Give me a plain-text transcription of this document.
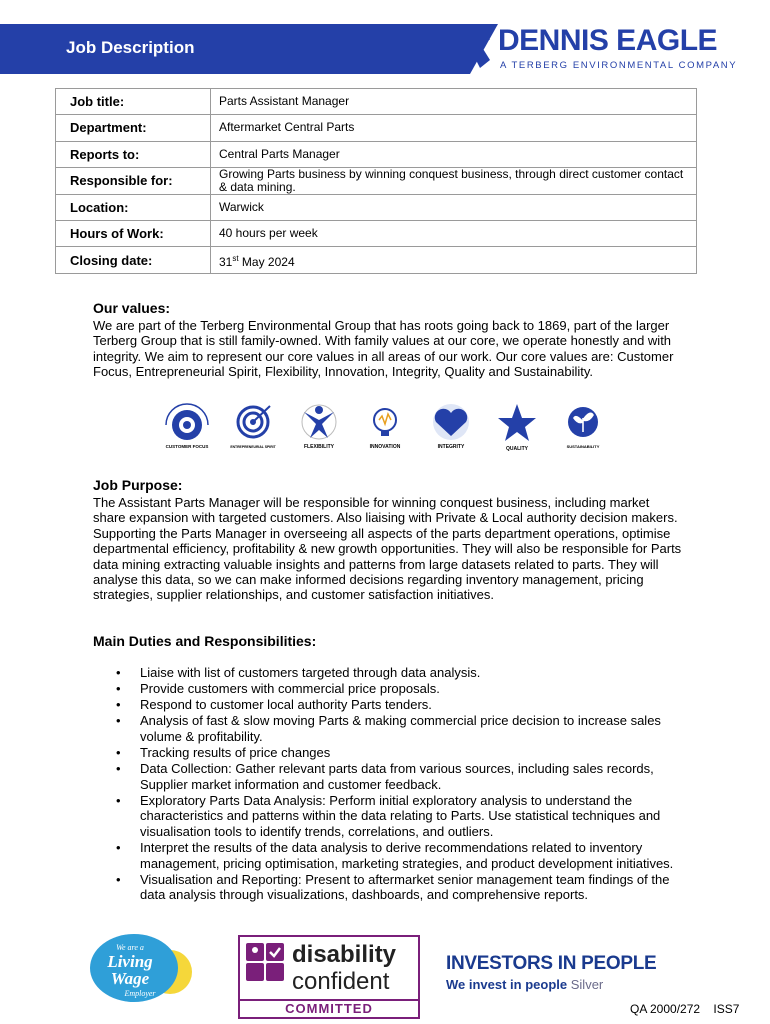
Job Description	DENNIS EAGLE
A TERBERG ENVIRONMENTAL COMPANY
Job title:	Parts Assistant Manager
Department:	Aftermarket Central Parts
Reports to:	Central Parts Manager
Responsible for:	Growing Parts business by winning conquest business, through direct customer contact & data mining.
Location:	Warwick
Hours of Work:	40 hours per week
Closing date:	31st May 2024
Our values:

We are part of the Terberg Environmental Group that has roots going back to 1869, part of the larger Terberg Group that is still family-owned. With family values at our core, we operate honestly and with integrity. We aim to represent our core values in all areas of our work. Our core values are: Customer Focus, Entrepreneurial Spirit, Flexibility, Innovation, Integrity, Quality and Sustainability.

CUSTOMER FOCUS	ENTREPRENEURIAL SPIRIT	FLEXIBILITY	INNOVATION	INTEGRITY	QUALITY	SUSTAINABILITY
Job Purpose:

The Assistant Parts Manager will be responsible for winning conquest business, including market share expansion with targeted customers. Also liaising with Private & Local authority decision makers. Supporting the Parts Manager in overseeing all aspects of the parts department operations, optimise departmental efficiency, profitability & new growth opportunities. They will also be responsible for Parts data mining extracting valuable insights and patterns from large datasets related to parts. They will analyse this data, so we can make informed decisions regarding inventory management, pricing strategies, supplier relationships, and customer satisfaction initiatives.

Main Duties and Responsibilities:
• Liaise with list of customers targeted through data analysis.
• Provide customers with commercial price proposals.
• Respond to customer local authority Parts tenders.
• Analysis of fast & slow moving Parts & making commercial price decision to increase sales volume & profitability.
• Tracking results of price changes
• Data Collection: Gather relevant parts data from various sources, including sales records, Supplier market information and customer feedback.
• Exploratory Parts Data Analysis: Perform initial exploratory analysis to understand the characteristics and patterns within the data relating to Parts. Use statistical techniques and visualisation tools to identify trends, correlations, and outliers.
• Interpret the results of the data analysis to derive recommendations related to inventory management, pricing optimisation, marketing strategies, and product development initiatives.
• Visualisation and Reporting: Present to aftermarket senior management team findings of the data analysis through visualizations, dashboards, and comprehensive reports.
We are a
Living
Wage
Employer
disability
confident
COMMITTED
INVESTORS IN PEOPLE
We invest in people Silver
QA 2000/272    ISS7
